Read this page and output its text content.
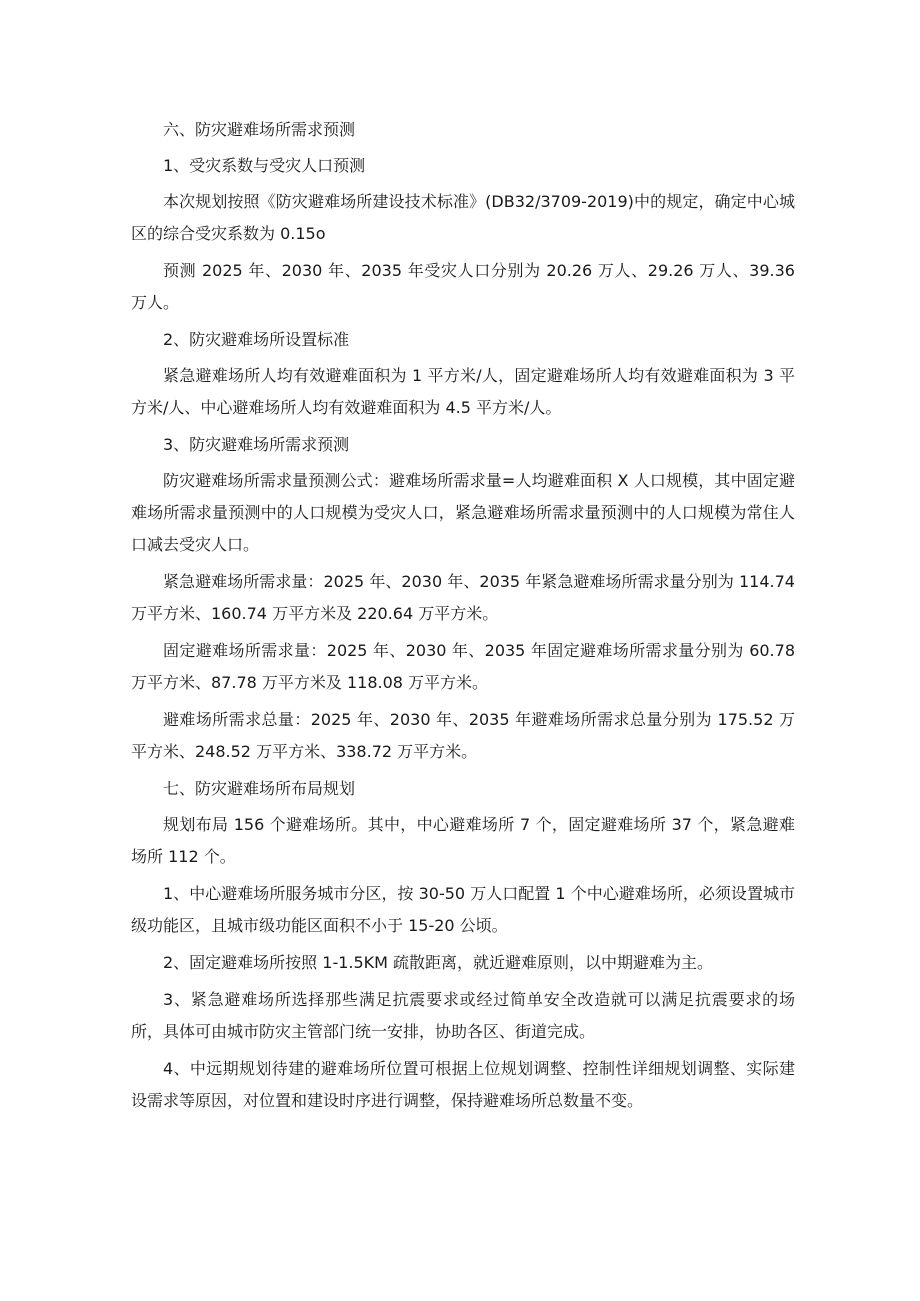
六、防灾避难场所需求预测

1、受灾系数与受灾人口预测

本次规划按照《防灾避难场所建设技术标准》(DB32/3709-2019)中的规定，确定中心城区的综合受灾系数为 0.15o

预测 2025 年、2030 年、2035 年受灾人口分别为 20.26 万人、29.26 万人、39.36 万人。

2、防灾避难场所设置标准

紧急避难场所人均有效避难面积为 1 平方米/人，固定避难场所人均有效避难面积为 3 平方米/人、中心避难场所人均有效避难面积为 4.5 平方米/人。

3、防灾避难场所需求预测

防灾避难场所需求量预测公式：避难场所需求量=人均避难面积 X 人口规模，其中固定避难场所需求量预测中的人口规模为受灾人口，紧急避难场所需求量预测中的人口规模为常住人口减去受灾人口。

紧急避难场所需求量：2025 年、2030 年、2035 年紧急避难场所需求量分别为 114.74 万平方米、160.74 万平方米及 220.64 万平方米。

固定避难场所需求量：2025 年、2030 年、2035 年固定避难场所需求量分别为 60.78 万平方米、87.78 万平方米及 118.08 万平方米。

避难场所需求总量：2025 年、2030 年、2035 年避难场所需求总量分别为 175.52 万平方米、248.52 万平方米、338.72 万平方米。

七、防灾避难场所布局规划

规划布局 156 个避难场所。其中，中心避难场所 7 个，固定避难场所 37 个，紧急避难场所 112 个。

1、中心避难场所服务城市分区，按 30-50 万人口配置 1 个中心避难场所，必须设置城市级功能区，且城市级功能区面积不小于 15-20 公顷。

2、固定避难场所按照 1-1.5KM 疏散距离，就近避难原则，以中期避难为主。

3、紧急避难场所选择那些满足抗震要求或经过简单安全改造就可以满足抗震要求的场所，具体可由城市防灾主管部门统一安排，协助各区、街道完成。

4、中远期规划待建的避难场所位置可根据上位规划调整、控制性详细规划调整、实际建设需求等原因，对位置和建设时序进行调整，保持避难场所总数量不变。
